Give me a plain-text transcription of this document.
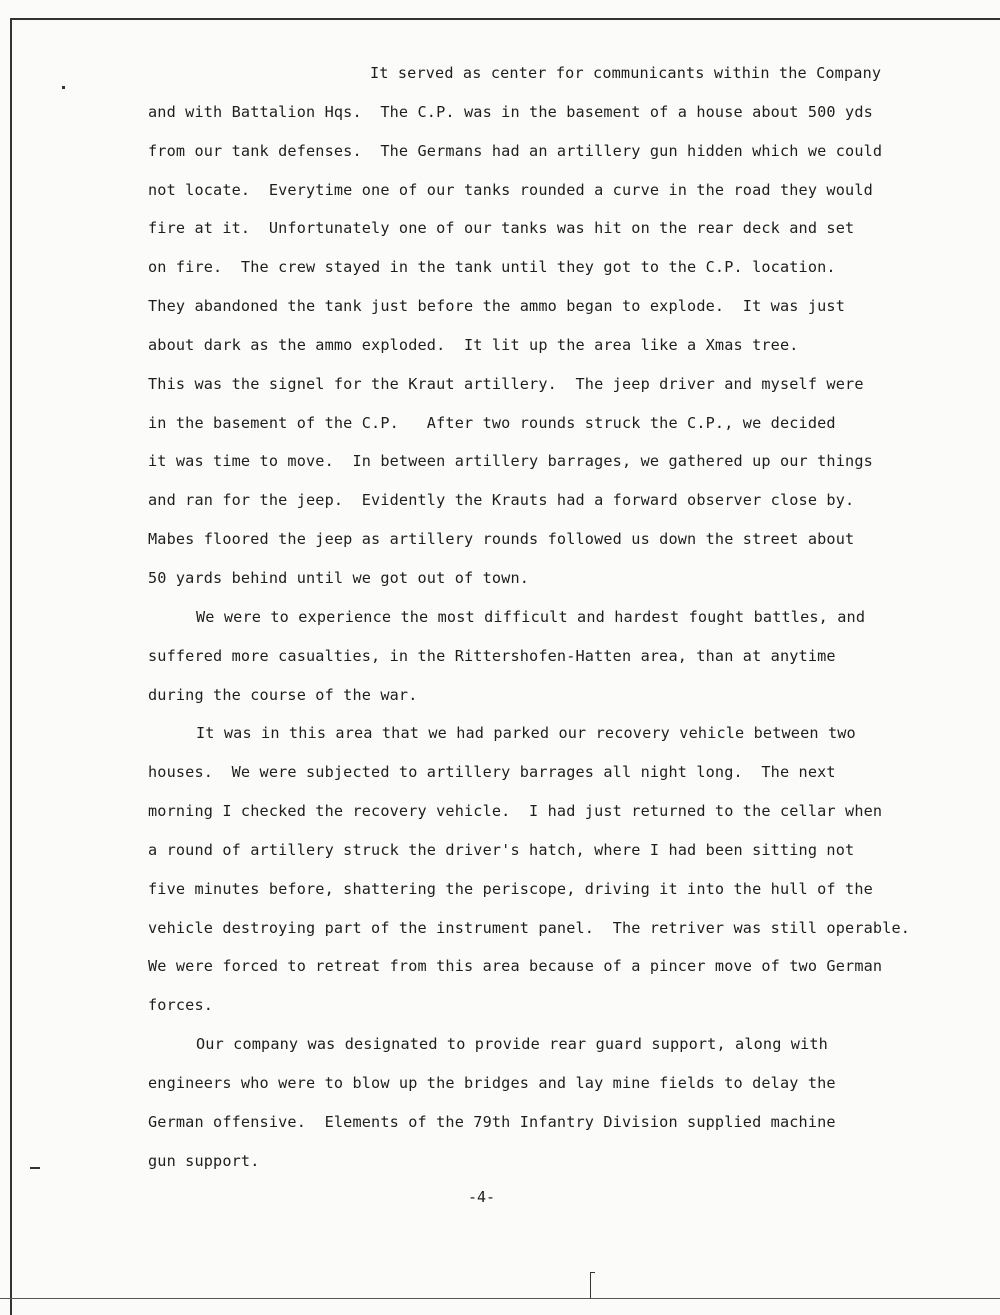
It served as center for communicants within the Company
and with Battalion Hqs.  The C.P. was in the basement of a house about 500 yds
from our tank defenses.  The Germans had an artillery gun hidden which we could
not locate.  Everytime one of our tanks rounded a curve in the road they would
fire at it.  Unfortunately one of our tanks was hit on the rear deck and set
on fire.  The crew stayed in the tank until they got to the C.P. location.
They abandoned the tank just before the ammo began to explode.  It was just
about dark as the ammo exploded.  It lit up the area like a Xmas tree.
This was the signel for the Kraut artillery.  The jeep driver and myself were
in the basement of the C.P.   After two rounds struck the C.P., we decided
it was time to move.  In between artillery barrages, we gathered up our things
and ran for the jeep.  Evidently the Krauts had a forward observer close by.
Mabes floored the jeep as artillery rounds followed us down the street about
50 yards behind until we got out of town.
We were to experience the most difficult and hardest fought battles, and
suffered more casualties, in the Rittershofen-Hatten area, than at anytime
during the course of the war.
It was in this area that we had parked our recovery vehicle between two
houses.  We were subjected to artillery barrages all night long.  The next
morning I checked the recovery vehicle.  I had just returned to the cellar when
a round of artillery struck the driver's hatch, where I had been sitting not
five minutes before, shattering the periscope, driving it into the hull of the
vehicle destroying part of the instrument panel.  The retriver was still operable.
We were forced to retreat from this area because of a pincer move of two German
forces.
Our company was designated to provide rear guard support, along with
engineers who were to blow up the bridges and lay mine fields to delay the
German offensive.  Elements of the 79th Infantry Division supplied machine
gun support.
-4-
